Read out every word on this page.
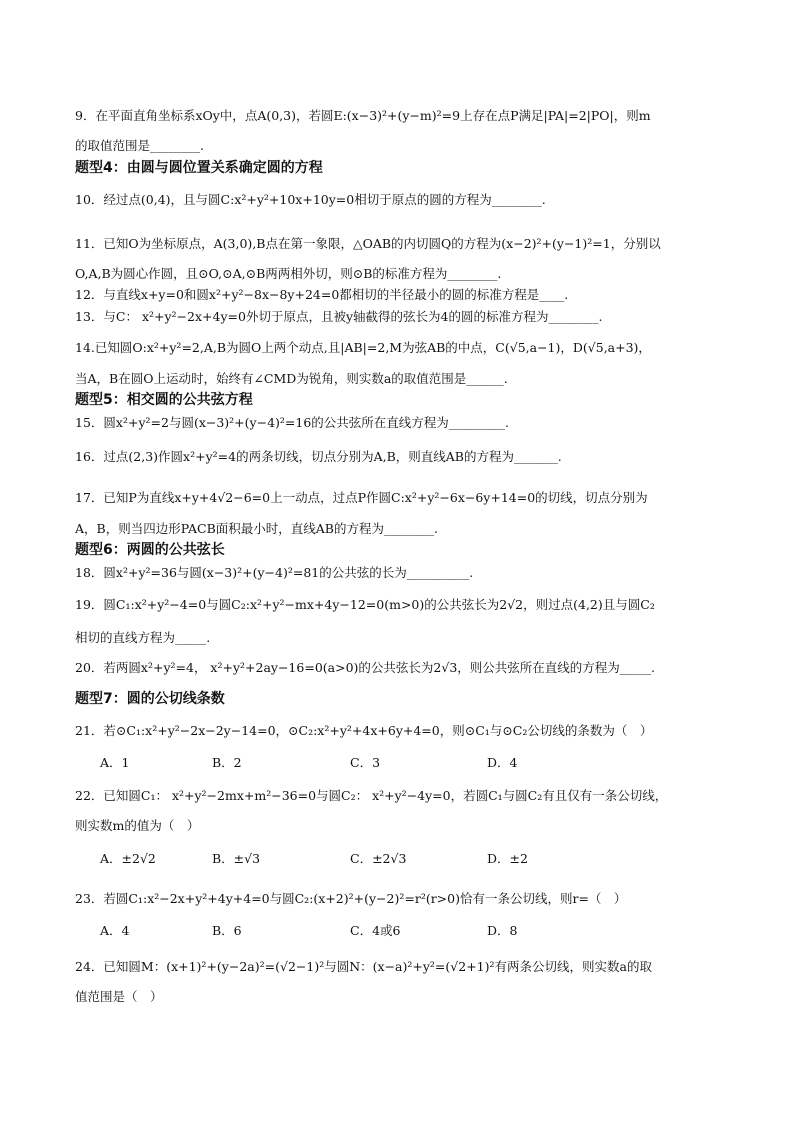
9．在平面直角坐标系xOy中，点A(0,3)，若圆E:(x−3)²+(y−m)²=9上存在点P满足|PA|=2|PO|，则m
的取值范围是________.
题型4：由圆与圆位置关系确定圆的方程
10．经过点(0,4)，且与圆C:x²+y²+10x+10y=0相切于原点的圆的方程为________.
11．已知O为坐标原点，A(3,0),B点在第一象限，△OAB的内切圆Q的方程为(x−2)²+(y−1)²=1，分别以
O,A,B为圆心作圆，且⊙O,⊙A,⊙B两两相外切，则⊙B的标准方程为________.
12．与直线x+y=0和圆x²+y²−8x−8y+24=0都相切的半径最小的圆的标准方程是____.
13．与C： x²+y²−2x+4y=0外切于原点，且被y轴截得的弦长为4的圆的标准方程为________.
14.已知圆O:x²+y²=2,A,B为圆O上两个动点,且|AB|=2,M为弦AB的中点，C(√5,a−1)，D(√5,a+3)，
当A，B在圆O上运动时，始终有∠CMD为锐角，则实数a的取值范围是______.
题型5：相交圆的公共弦方程
15．圆x²+y²=2与圆(x−3)²+(y−4)²=16的公共弦所在直线方程为_________.
16．过点(2,3)作圆x²+y²=4的两条切线，切点分别为A,B，则直线AB的方程为_______.
17．已知P为直线x+y+4√2−6=0上一动点，过点P作圆C:x²+y²−6x−6y+14=0的切线，切点分别为
A，B，则当四边形PACB面积最小时，直线AB的方程为________.
题型6：两圆的公共弦长
18．圆x²+y²=36与圆(x−3)²+(y−4)²=81的公共弦的长为__________.
19．圆C₁:x²+y²−4=0与圆C₂:x²+y²−mx+4y−12=0(m>0)的公共弦长为2√2，则过点(4,2)且与圆C₂
相切的直线方程为_____.
20．若两圆x²+y²=4， x²+y²+2ay−16=0(a>0)的公共弦长为2√3，则公共弦所在直线的方程为_____.
题型7：圆的公切线条数
21．若⊙C₁:x²+y²−2x−2y−14=0，⊙C₂:x²+y²+4x+6y+4=0，则⊙C₁与⊙C₂公切线的条数为（　）
A．1	B．2	C．3	D．4
22．已知圆C₁： x²+y²−2mx+m²−36=0与圆C₂： x²+y²−4y=0，若圆C₁与圆C₂有且仅有一条公切线，
则实数m的值为（　）
A．±2√2	B．±√3	C．±2√3	D．±2
23．若圆C₁:x²−2x+y²+4y+4=0与圆C₂:(x+2)²+(y−2)²=r²(r>0)恰有一条公切线，则r=（　）
A．4	B．6	C．4或6	D．8
24．已知圆M：(x+1)²+(y−2a)²=(√2−1)²与圆N：(x−a)²+y²=(√2+1)²有两条公切线，则实数a的取
值范围是（　）
